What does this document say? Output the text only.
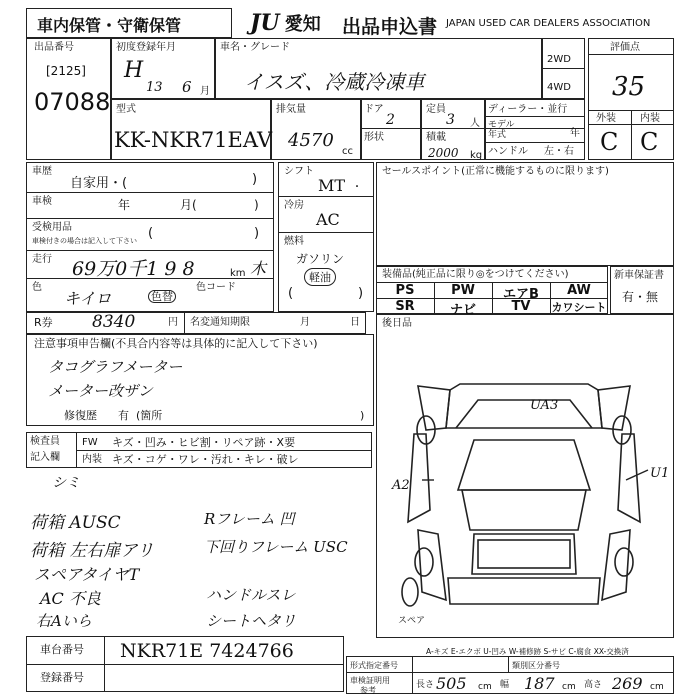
車内保管・守衛保管	JU 愛知 出品申込書 JAPAN USED CAR DEALERS ASSOCIATION
出品番号
[2125]
07088
初度登録年月
H
13 6 月
車名・グレード
イスズ、冷蔵冷凍車
2WD
4WD
型式
KK-NKR71EAV
排気量
4570
cc
ドア
2
形状
定員
3 人
積載
2000 kg
ディーラー・並行
モデル
年式	年
ハンドル 左・右
評価点
35
外装 内装
C C
車歴
自家用・(	)
車検	年	月(	)
受検用品
車検付きの場合は記入して下さい (	)
走行 69万0千1 9 8	km 木
色
キイロ	色替
色コード
シフト
MT ・
冷房
AC
燃料
ガソリン
軽油
(	)
セールスポイント(正常に機能するものに限ります)
装備品(純正品に限り◎をつけてください)
PS	PW	エアB	AW
SR	ナビ	TV	カワシート
新車保証書
有・無
R券 8340	円 名変通知期限	月	日 後日品
注意事項申告欄(不具合内容等は具体的に記入して下さい)
タコグラフメーター
メーター改ザン
修復歴 有 (箇所	)
検査員
記入欄
FW キズ・凹み・ヒビ割・リペア跡・X要
内装 キズ・コゲ・ワレ・汚れ・キレ・破レ
シミ
荷箱 AUSC
荷箱 左右扉アリ
スペアタイヤT
AC 不良
右Aいら
Rフレーム 凹
下回りフレーム USC
ハンドルスレ
シートヘタリ
UA3
A2
U1
スペア
A-キズ E-エクボ U-凹み W-補修跡 S-サビ C-腐食 XX-交換済
車台番号 NKR71E 7424766
登録番号
形式指定番号	類別区分番号
車検証明用
参考
長さ 505 cm 幅 187 cm 高さ 269 cm
